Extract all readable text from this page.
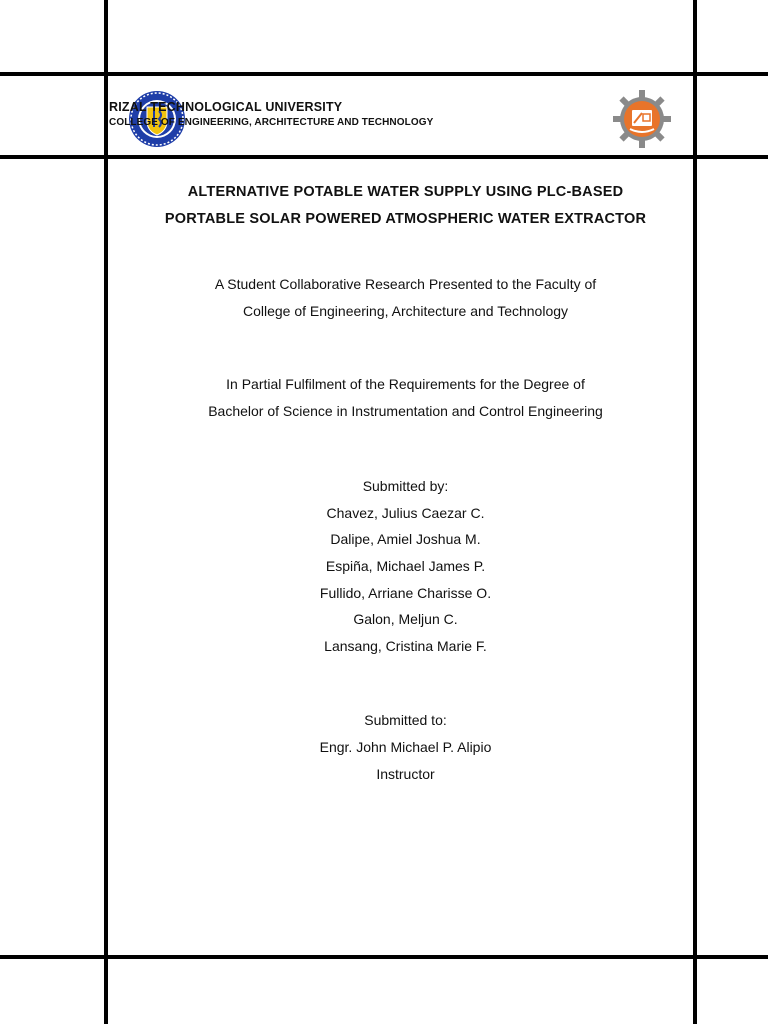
RIZAL TECHNOLOGICAL UNIVERSITY
COLLEGE OF ENGINEERING, ARCHITECTURE AND TECHNOLOGY
ALTERNATIVE POTABLE WATER SUPPLY USING PLC-BASED
PORTABLE SOLAR POWERED ATMOSPHERIC WATER EXTRACTOR
A Student Collaborative Research Presented to the Faculty of
College of Engineering, Architecture and Technology
In Partial Fulfilment of the Requirements for the Degree of
Bachelor of Science in Instrumentation and Control Engineering
Submitted by:
Chavez, Julius Caezar C.
Dalipe, Amiel Joshua M.
Espiña, Michael James P.
Fullido, Arriane Charisse O.
Galon, Meljun C.
Lansang, Cristina Marie F.
Submitted to:
Engr. John Michael P. Alipio
Instructor
